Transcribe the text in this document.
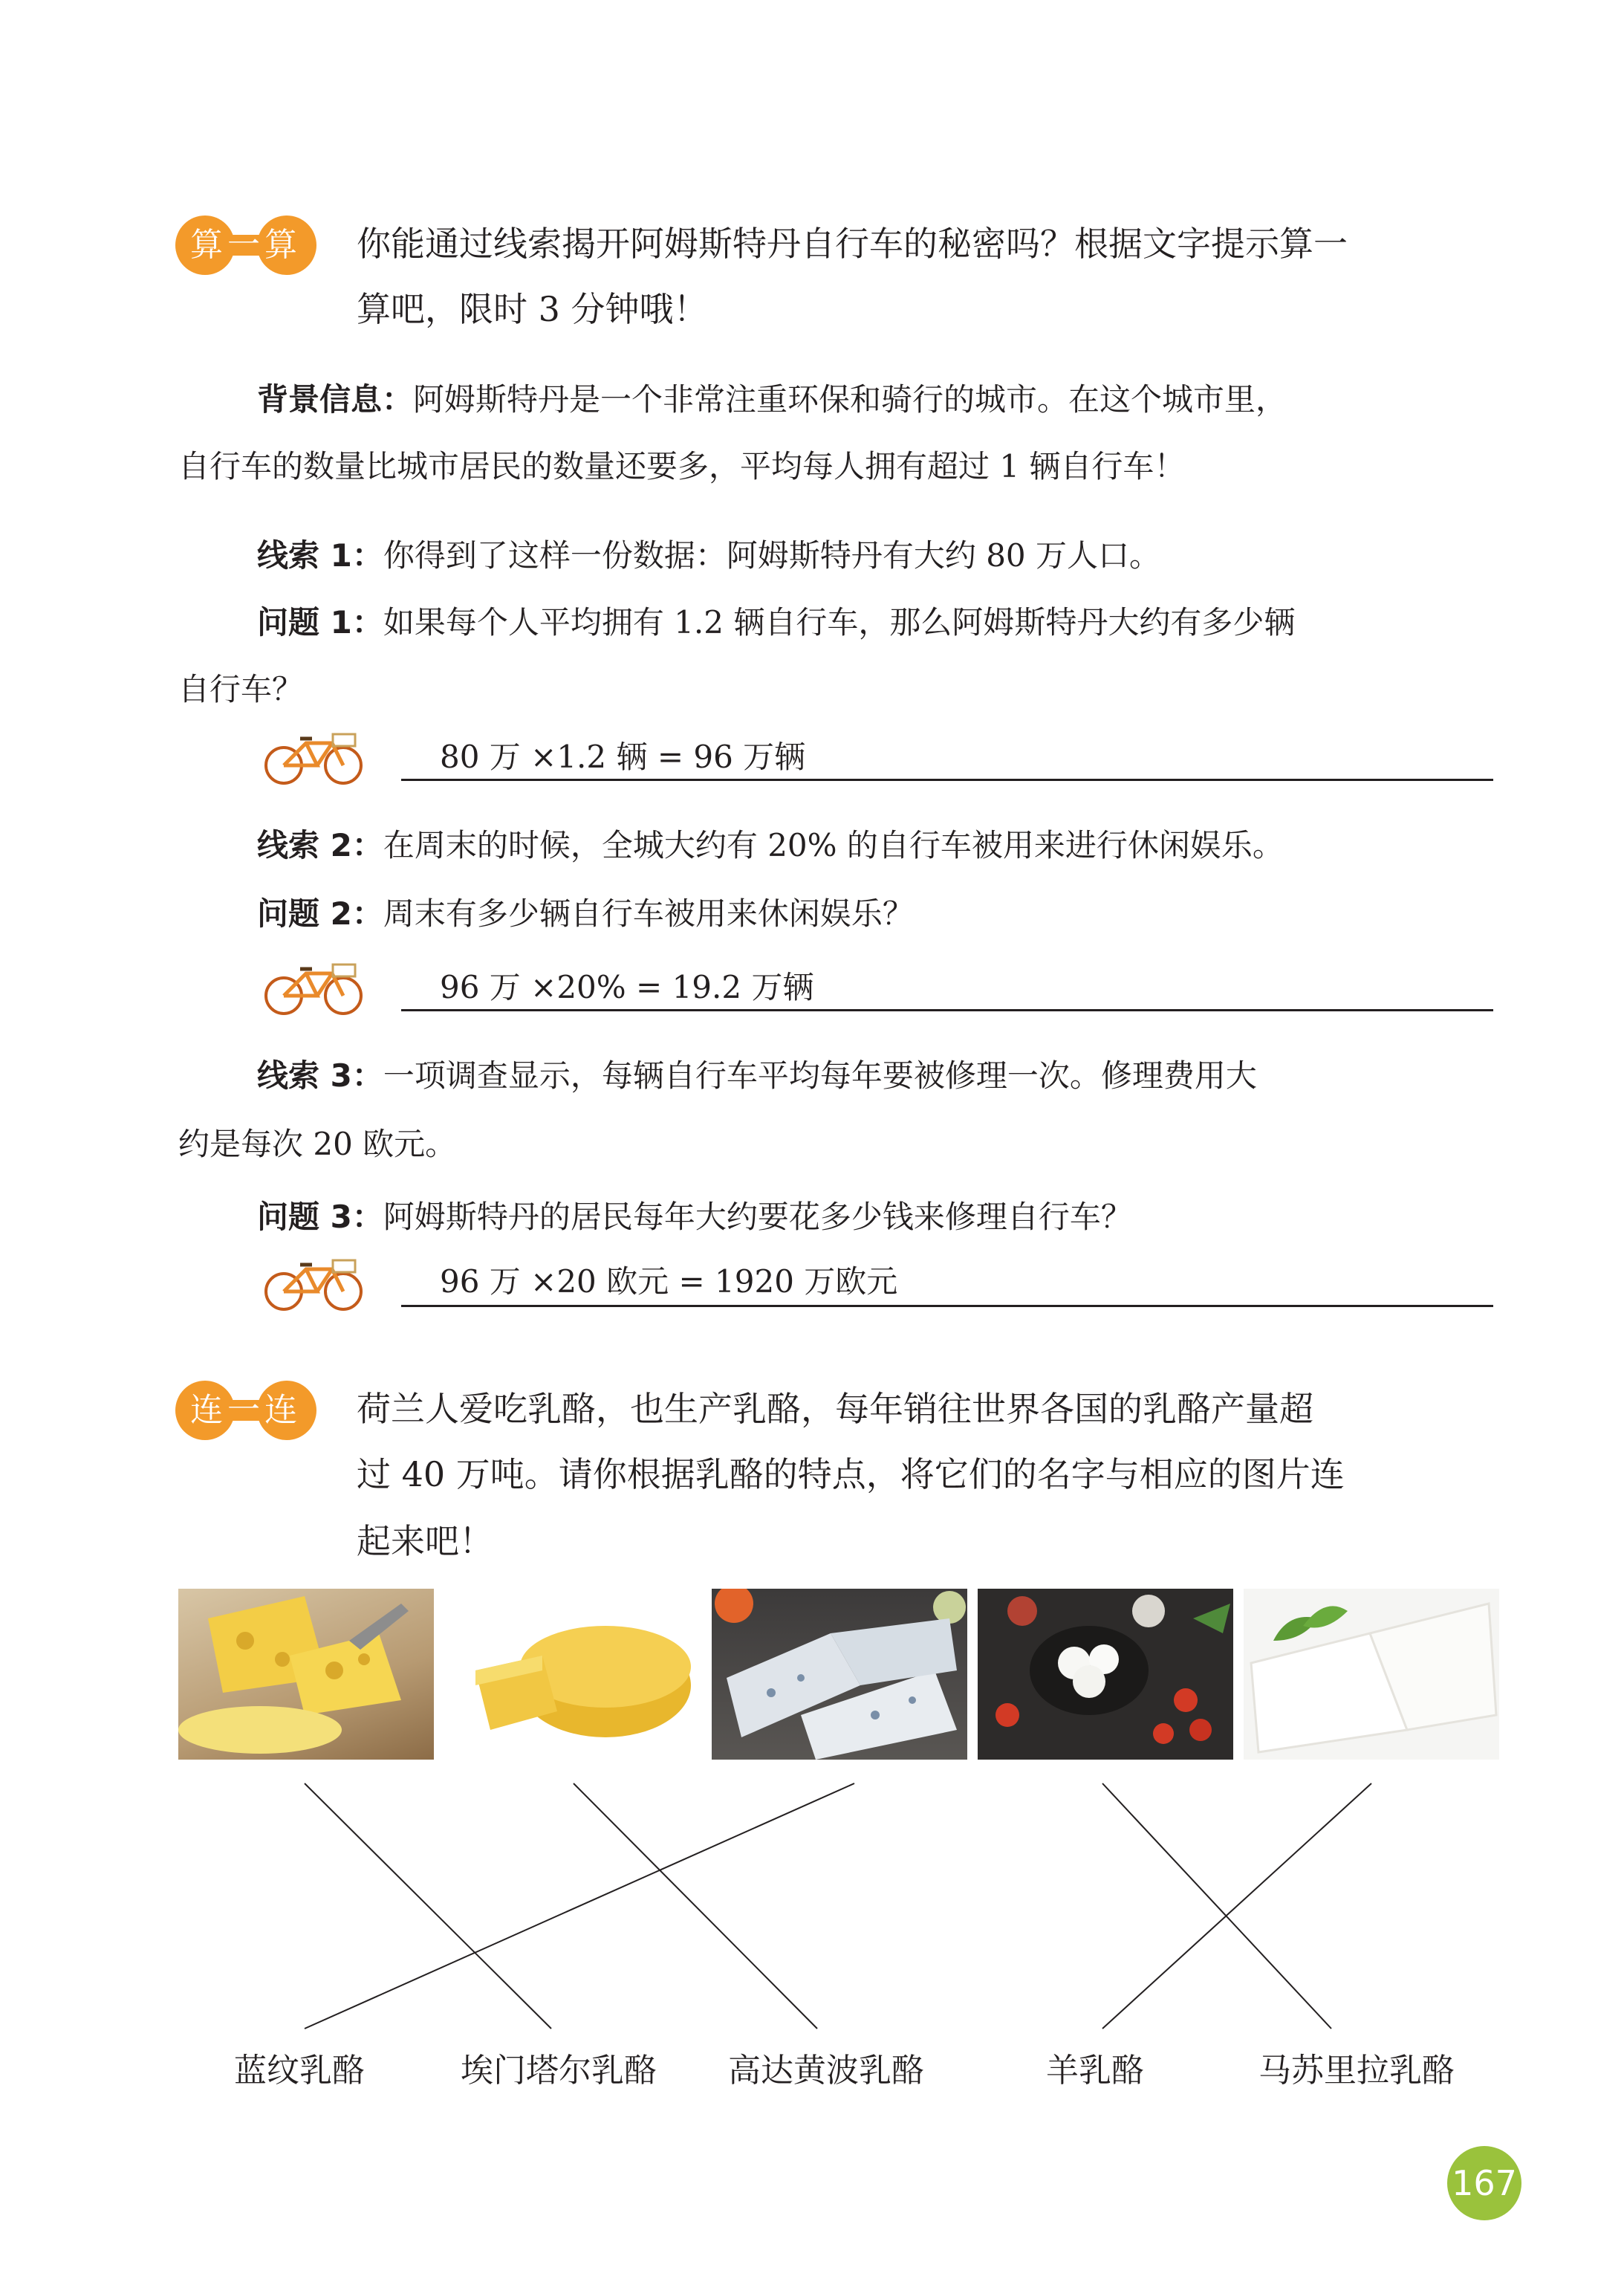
算一算	你能通过线索揭开阿姆斯特丹自行车的秘密吗？根据文字提示算一
算吧，限时 3 分钟哦！
背景信息：阿姆斯特丹是一个非常注重环保和骑行的城市。在这个城市里，
自行车的数量比城市居民的数量还要多，平均每人拥有超过 1 辆自行车！
线索 1：你得到了这样一份数据：阿姆斯特丹有大约 80 万人口。
问题 1：如果每个人平均拥有 1.2 辆自行车，那么阿姆斯特丹大约有多少辆
自行车？
80 万 ×1.2 辆 = 96 万辆
线索 2：在周末的时候，全城大约有 20% 的自行车被用来进行休闲娱乐。
问题 2：周末有多少辆自行车被用来休闲娱乐？
96 万 ×20% = 19.2 万辆
线索 3：一项调查显示，每辆自行车平均每年要被修理一次。修理费用大
约是每次 20 欧元。
问题 3：阿姆斯特丹的居民每年大约要花多少钱来修理自行车？
96 万 ×20 欧元 = 1920 万欧元
连一连	荷兰人爱吃乳酪，也生产乳酪，每年销往世界各国的乳酪产量超
过 40 万吨。请你根据乳酪的特点，将它们的名字与相应的图片连
起来吧！
蓝纹乳酪	埃门塔尔乳酪 高达黄波乳酪	羊乳酪	马苏里拉乳酪
167
